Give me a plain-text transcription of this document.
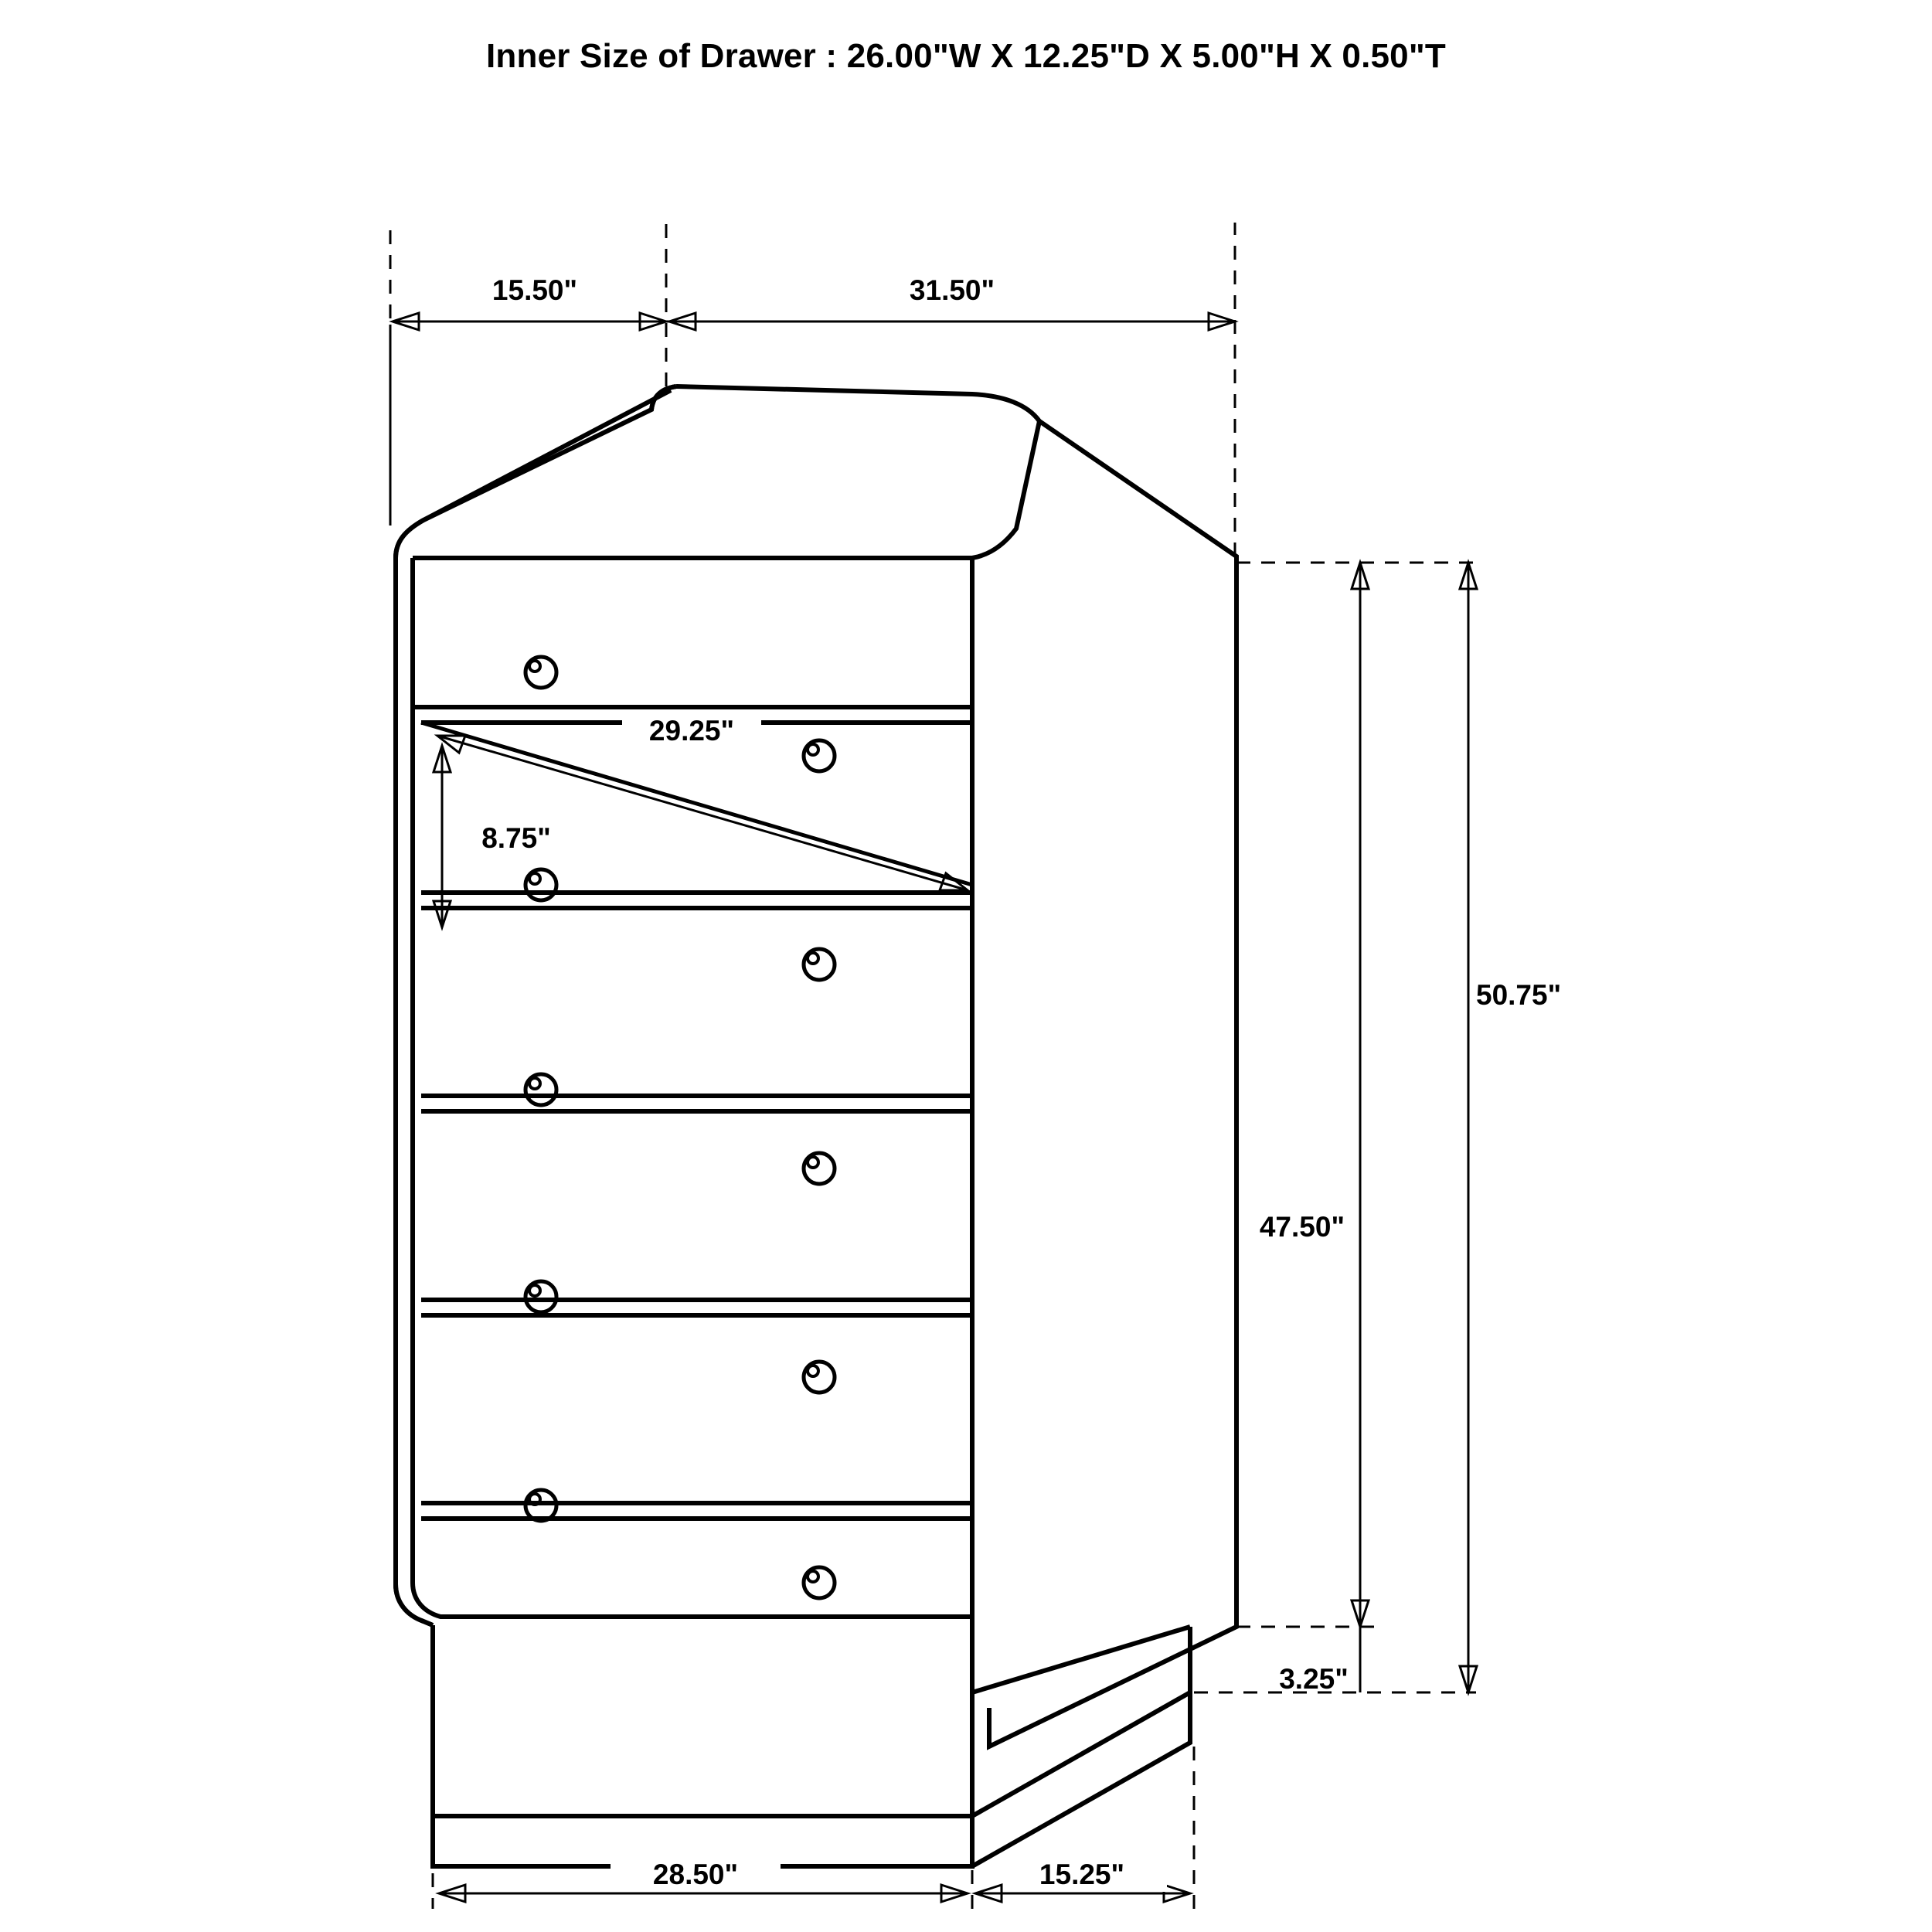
Inner Size of Drawer : 26.00"W X 12.25"D X 5.00"H X 0.50"T
15.50"	31.50"
29.25"
8.75"
50.75"
47.50"
3.25"
28.50"	15.25"
